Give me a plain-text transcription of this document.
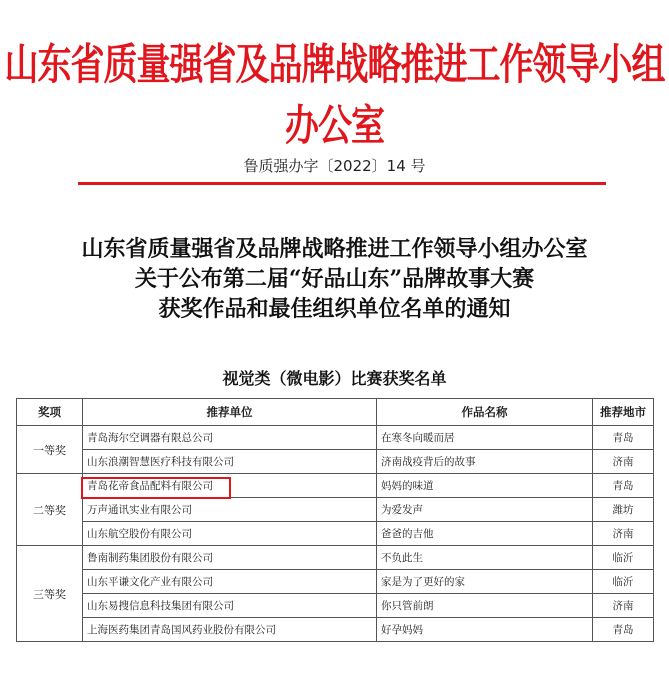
山东省质量强省及品牌战略推进工作领导小组办公室
鲁质强办字〔2022〕14 号
山东省质量强省及品牌战略推进工作领导小组办公室
关于公布第二届“好品山东”品牌故事大赛
获奖作品和最佳组织单位名单的通知
视觉类（微电影）比赛获奖名单
奖项	推荐单位	作品名称	推荐地市
一等奖	青岛海尔空调器有限总公司	在寒冬向暖而居	青岛
	山东浪潮智慧医疗科技有限公司	济南战疫背后的故事	济南
二等奖	青岛花帝食品配料有限公司	妈妈的味道	青岛
	万声通讯实业有限公司	为爱发声	潍坊
	山东航空股份有限公司	爸爸的吉他	济南
三等奖	鲁南制药集团股份有限公司	不负此生	临沂
	山东平谦文化产业有限公司	家是为了更好的家	临沂
	山东易搜信息科技集团有限公司	你只管前朗	济南
	上海医药集团青岛国风药业股份有限公司	好孕妈妈	青岛
